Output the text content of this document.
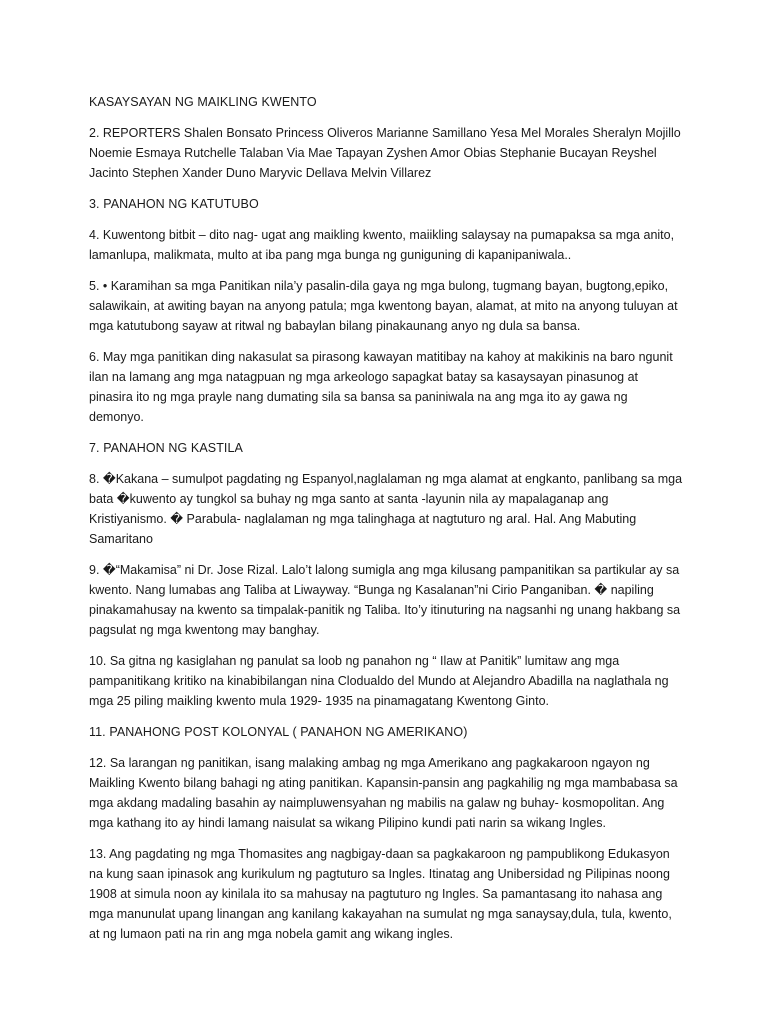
KASAYSAYAN NG MAIKLING KWENTO

2. REPORTERS Shalen Bonsato Princess Oliveros Marianne Samillano Yesa Mel Morales Sheralyn Mojillo Noemie Esmaya Rutchelle Talaban Via Mae Tapayan Zyshen Amor Obias Stephanie Bucayan Reyshel Jacinto Stephen Xander Duno Maryvic Dellava Melvin Villarez

3. PANAHON NG KATUTUBO

4. Kuwentong bitbit – dito nag- ugat ang maikling kwento, maiikling salaysay na pumapaksa sa mga anito, lamanlupa, malikmata, multo at iba pang mga bunga ng guniguning di kapanipaniwala..

5. • Karamihan sa mga Panitikan nila’y pasalin-dila gaya ng mga bulong, tugmang bayan, bugtong,epiko, salawikain, at awiting bayan na anyong patula; mga kwentong bayan, alamat, at mito na anyong tuluyan at mga katutubong sayaw at ritwal ng babaylan bilang pinakaunang anyo ng dula sa bansa.

6. May mga panitikan ding nakasulat sa pirasong kawayan matitibay na kahoy at makikinis na baro ngunit ilan na lamang ang mga natagpuan ng mga arkeologo sapagkat batay sa kasaysayan pinasunog at pinasira ito ng mga prayle nang dumating sila sa bansa sa paniniwala na ang mga ito ay gawa ng demonyo.

7. PANAHON NG KASTILA

8. �Kakana – sumulpot pagdating ng Espanyol,naglalaman ng mga alamat at engkanto, panlibang sa mga bata �kuwento ay tungkol sa buhay ng mga santo at santa -layunin nila ay mapalaganap ang Kristiyanismo. � Parabula- naglalaman ng mga talinghaga at nagtuturo ng aral. Hal. Ang Mabuting Samaritano

9. �“Makamisa” ni Dr. Jose Rizal. Lalo’t lalong sumigla ang mga kilusang pampanitikan sa partikular ay sa kwento. Nang lumabas ang Taliba at Liwayway. “Bunga ng Kasalanan”ni Cirio Panganiban. � napiling pinakamahusay na kwento sa timpalak-panitik ng Taliba. Ito’y itinuturing na nagsanhi ng unang hakbang sa pagsulat ng mga kwentong may banghay.

10. Sa gitna ng kasiglahan ng panulat sa loob ng panahon ng “ Ilaw at Panitik” lumitaw ang mga pampanitikang kritiko na kinabibilangan nina Clodualdo del Mundo at Alejandro Abadilla na naglathala ng mga 25 piling maikling kwento mula 1929- 1935 na pinamagatang Kwentong Ginto.

11. PANAHONG POST KOLONYAL ( PANAHON NG AMERIKANO)

12. Sa larangan ng panitikan, isang malaking ambag ng mga Amerikano ang pagkakaroon ngayon ng Maikling Kwento bilang bahagi ng ating panitikan. Kapansin-pansin ang pagkahilig ng mga mambabasa sa mga akdang madaling basahin ay naimpluwensyahan ng mabilis na galaw ng buhay- kosmopolitan. Ang mga kathang ito ay hindi lamang naisulat sa wikang Pilipino kundi pati narin sa wikang Ingles.

13. Ang pagdating ng mga Thomasites ang nagbigay-daan sa pagkakaroon ng pampublikong Edukasyon na kung saan ipinasok ang kurikulum ng pagtuturo sa Ingles. Itinatag ang Unibersidad ng Pilipinas noong 1908 at simula noon ay kinilala ito sa mahusay na pagtuturo ng Ingles. Sa pamantasang ito nahasa ang mga manunulat upang linangan ang kanilang kakayahan na sumulat ng mga sanaysay,dula, tula, kwento, at ng lumaon pati na rin ang mga nobela gamit ang wikang ingles.
